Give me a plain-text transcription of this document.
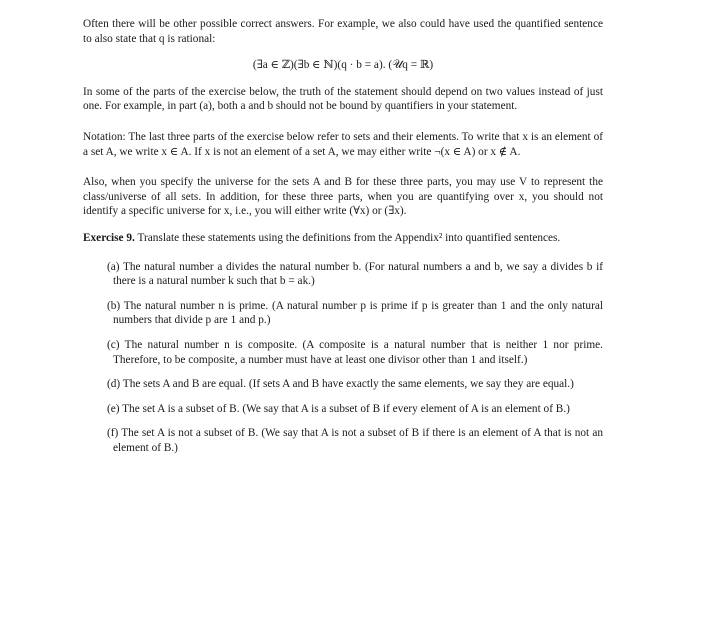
Often there will be other possible correct answers. For example, we also could have used the quantified sentence to also state that q is rational:

(∃a ∈ ℤ)(∃b ∈ ℕ)(q · b = a). (𝒰q = ℝ)

In some of the parts of the exercise below, the truth of the statement should depend on two values instead of just one. For example, in part (a), both a and b should not be bound by quantifiers in your statement.

Notation: The last three parts of the exercise below refer to sets and their elements. To write that x is an element of a set A, we write x ∈ A. If x is not an element of a set A, we may either write ¬(x ∈ A) or x ∉ A.

Also, when you specify the universe for the sets A and B for these three parts, you may use V to represent the class/universe of all sets. In addition, for these three parts, when you are quantifying over x, you should not identify a specific universe for x, i.e., you will either write (∀x) or (∃x).

Exercise 9. Translate these statements using the definitions from the Appendix² into quantified sentences.

(a) The natural number a divides the natural number b. (For natural numbers a and b, we say a divides b if there is a natural number k such that b = ak.)
(b) The natural number n is prime. (A natural number p is prime if p is greater than 1 and the only natural numbers that divide p are 1 and p.)
(c) The natural number n is composite. (A composite is a natural number that is neither 1 nor prime. Therefore, to be composite, a number must have at least one divisor other than 1 and itself.)
(d) The sets A and B are equal. (If sets A and B have exactly the same elements, we say they are equal.)
(e) The set A is a subset of B. (We say that A is a subset of B if every element of A is an element of B.)
(f) The set A is not a subset of B. (We say that A is not a subset of B if there is an element of A that is not an element of B.)
